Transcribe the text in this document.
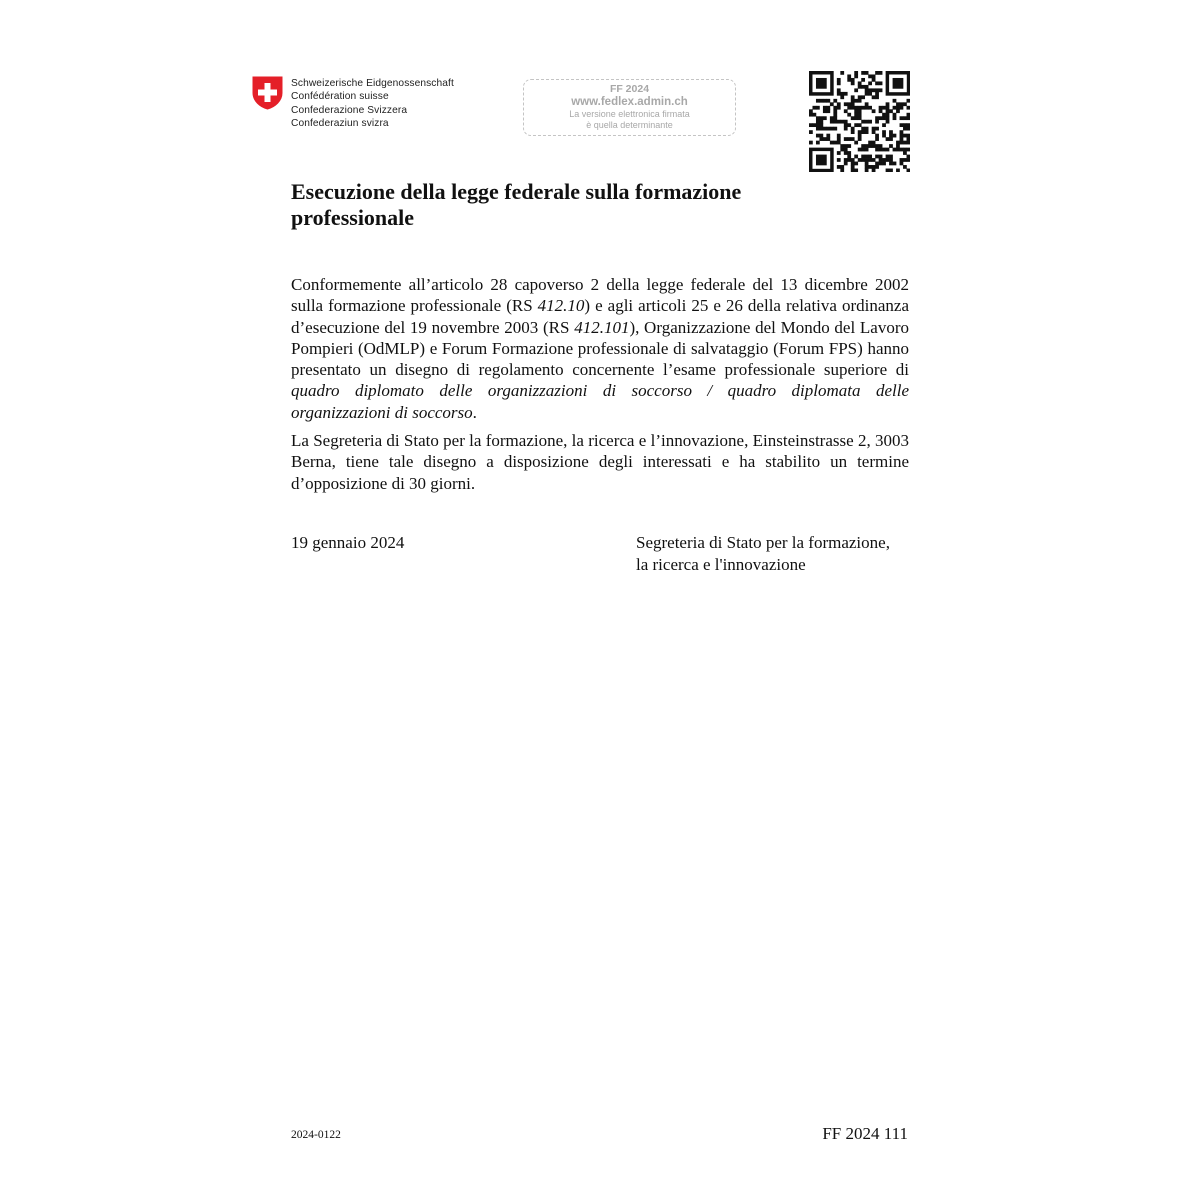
Schweizerische Eidgenossenschaft
Confédération suisse
Confederazione Svizzera
Confederaziun svizra
FF 2024
www.fedlex.admin.ch
La versione elettronica firmata
è quella determinante
Esecuzione della legge federale sulla formazione professionale

Conformemente all’articolo 28 capoverso 2 della legge federale del 13 dicembre 2002 sulla formazione professionale (RS 412.10) e agli articoli 25 e 26 della relativa ordinanza d’esecuzione del 19 novembre 2003 (RS 412.101), Organizzazione del Mondo del Lavoro Pompieri (OdMLP) e Forum Formazione professionale di salvataggio (Forum FPS) hanno presentato un disegno di regolamento concernente l’esame professionale superiore di quadro diplomato delle organizzazioni di soccorso / quadro diplomata delle organizzazioni di soccorso.

La Segreteria di Stato per la formazione, la ricerca e l’innovazione, Einsteinstrasse 2, 3003 Berna, tiene tale disegno a disposizione degli interessati e ha stabilito un termine d’opposizione di 30 giorni.

19 gennaio 2024	Segreteria di Stato per la formazione,
la ricerca e l'innovazione
2024-0122	FF 2024 111
